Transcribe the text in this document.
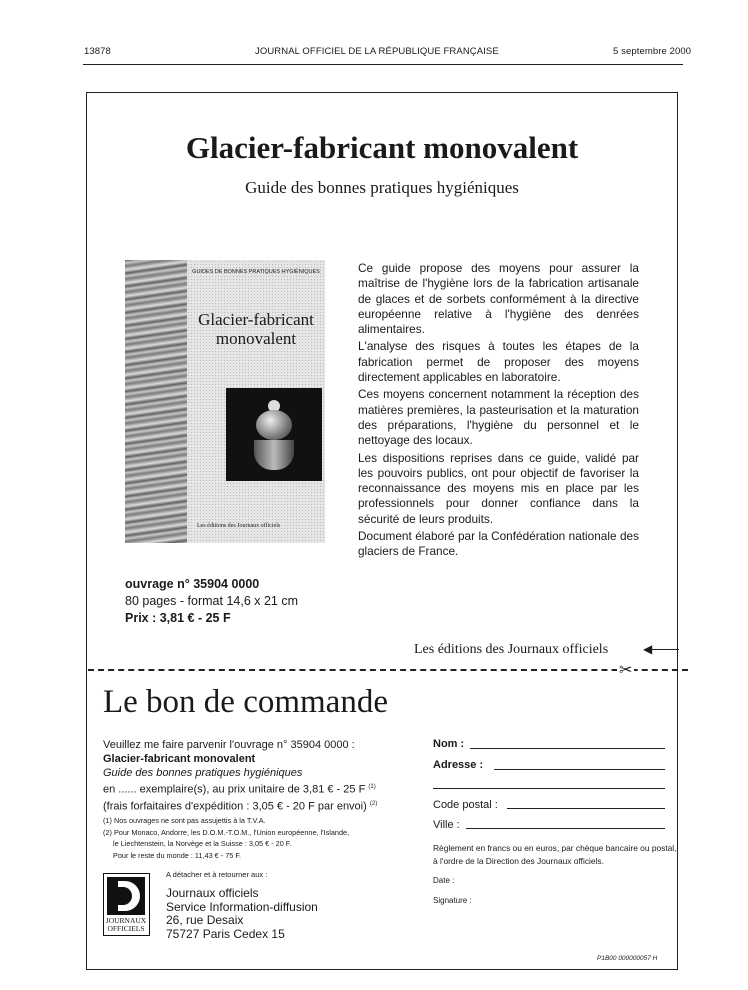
13878	JOURNAL OFFICIEL DE LA RÉPUBLIQUE FRANÇAISE	5 septembre 2000
Glacier-fabricant monovalent
Guide des bonnes pratiques hygiéniques
GUIDES DE BONNES PRATIQUES HYGIÉNIQUES
Glacier-fabricant
monovalent
Les éditions des Journaux officiels

Ce guide propose des moyens pour assurer la maîtrise de l'hygiène lors de la fabrication artisanale de glaces et de sorbets conformément à la directive européenne relative à l'hygiène des denrées alimentaires.

L'analyse des risques à toutes les étapes de la fabrication permet de proposer des moyens directement applicables en laboratoire.

Ces moyens concernent notamment la réception des matières premières, la pasteurisation et la maturation des préparations, l'hygiène du personnel et le nettoyage des locaux.

Les dispositions reprises dans ce guide, validé par les pouvoirs publics, ont pour objectif de favoriser la reconnaissance des moyens mis en place par les professionnels pour donner confiance dans la sécurité de leurs produits.

Document élaboré par la Confédération nationale des glaciers de France.

ouvrage n° 35904 0000
80 pages - format 14,6 x 21 cm
Prix : 3,81 € - 25 F
Les éditions des Journaux officiels	◀
✂
Le bon de commande
Veuillez me faire parvenir l'ouvrage n° 35904 0000 :
Glacier-fabricant monovalent
Guide des bonnes pratiques hygiéniques
en ...... exemplaire(s), au prix unitaire de 3,81 € - 25 F $^{(1)}$
(frais forfaitaires d'expédition : 3,05 € - 20 F par envoi) $^{(2)}$
(1) Nos ouvrages ne sont pas assujettis à la T.V.A.
(2) Pour Monaco, Andorre, les D.O.M.-T.O.M., l'Union européenne, l'Islande,
le Liechtenstein, la Norvège et la Suisse : 3,05 € - 20 F.
Pour le reste du monde : 11,43 € - 75 F.
A détacher et à retourner aux :
JOURNAUX
OFFICIELS
Journaux officiels
Service Information-diffusion
26, rue Desaix
75727 Paris Cedex 15
Nom :
Adresse :
Code postal :
Ville :
Règlement en francs ou en euros, par chèque bancaire ou postal, à l'ordre de la Direction des Journaux officiels.
Date :
Signature :
P1B00 000000057 H
